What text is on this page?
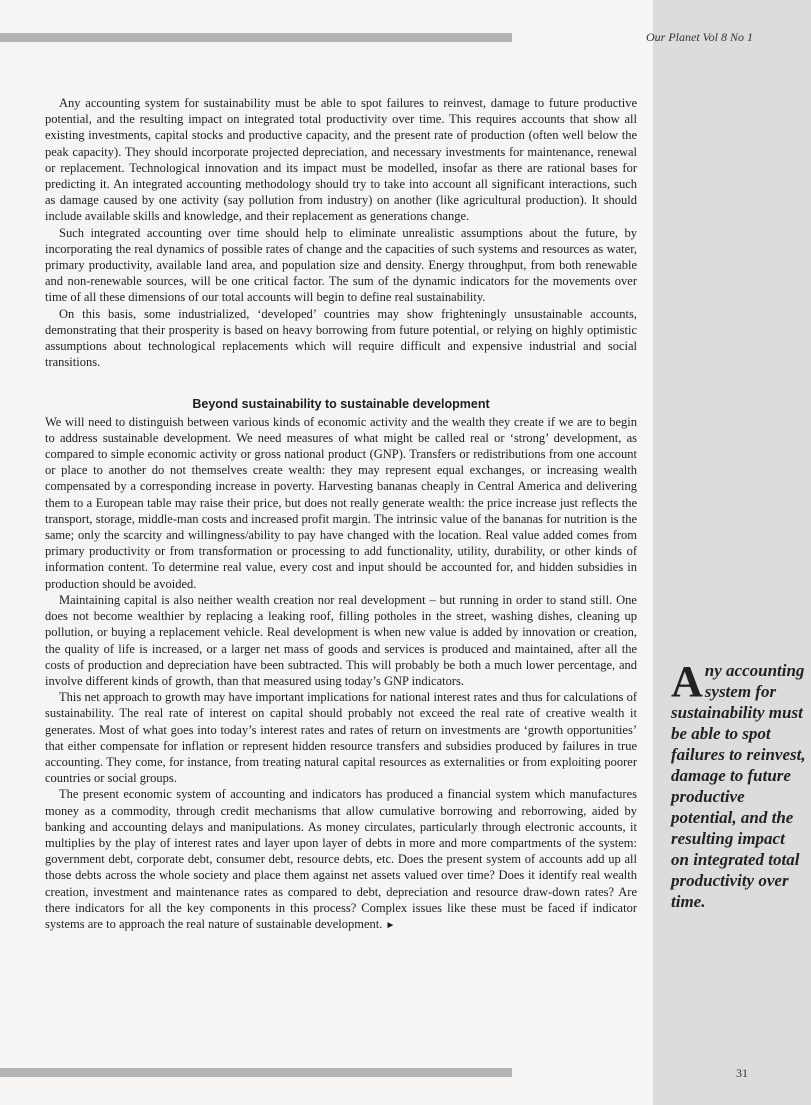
Our Planet Vol 8 No 1

Any accounting system for sustainability must be able to spot failures to reinvest, damage to future productive potential, and the resulting impact on integrated total productivity over time. This requires accounts that show all existing investments, capital stocks and productive capacity, and the present rate of production (often well below the peak capacity). They should incorporate projected depreciation, and necessary investments for maintenance, renewal or replacement. Technological innovation and its impact must be modelled, insofar as there are rational bases for predicting it. An integrated accounting methodology should try to take into account all significant interactions, such as damage caused by one activity (say pollution from industry) on another (like agricultural production). It should include available skills and knowledge, and their replacement as generations change.

Such integrated accounting over time should help to eliminate unrealistic assumptions about the future, by incorporating the real dynamics of possible rates of change and the capacities of such systems and resources as water, primary productivity, available land area, and population size and density. Energy throughput, from both renewable and non-renewable sources, will be one critical factor. The sum of the dynamic indicators for the movements over time of all these dimensions of our total accounts will begin to define real sustainability.

On this basis, some industrialized, ‘developed’ countries may show frighteningly unsustainable accounts, demonstrating that their prosperity is based on heavy borrowing from future potential, or relying on highly optimistic assumptions about technological replacements which will require difficult and expensive industrial and social transitions.

Beyond sustainability to sustainable development

We will need to distinguish between various kinds of economic activity and the wealth they create if we are to begin to address sustainable development. We need measures of what might be called real or ‘strong’ development, as compared to simple economic activity or gross national product (GNP). Transfers or redistributions from one account or place to another do not themselves create wealth: they may represent equal exchanges, or increasing wealth compensated by a corresponding increase in poverty. Harvesting bananas cheaply in Central America and delivering them to a European table may raise their price, but does not really generate wealth: the price increase just reflects the transport, storage, middle-man costs and increased profit margin. The intrinsic value of the bananas for nutrition is the same; only the scarcity and willingness/ability to pay have changed with the location. Real value added comes from primary productivity or from transformation or processing to add functionality, utility, durability, or other kinds of information content. To determine real value, every cost and input should be accounted for, and hidden subsidies in production should be avoided.

Maintaining capital is also neither wealth creation nor real development – but running in order to stand still. One does not become wealthier by replacing a leaking roof, filling potholes in the street, washing dishes, cleaning up pollution, or buying a replacement vehicle. Real development is when new value is added by innovation or creation, the quality of life is increased, or a larger net mass of goods and services is produced and maintained, after all the costs of production and depreciation have been subtracted. This will probably be both a much lower percentage, and involve different kinds of growth, than that measured using today’s GNP indicators.

This net approach to growth may have important implications for national interest rates and thus for calculations of sustainability. The real rate of interest on capital should probably not exceed the real rate of creative wealth it generates. Most of what goes into today’s interest rates and rates of return on investments are ‘growth opportunities’ that either compensate for inflation or represent hidden resource transfers and subsidies produced by failures in true accounting. They come, for instance, from treating natural capital resources as externalities or from exploiting poorer countries or social groups.

The present economic system of accounting and indicators has produced a financial system which manufactures money as a commodity, through credit mechanisms that allow cumulative borrowing and reborrowing, aided by banking and accounting delays and manipulations. As money circulates, particularly through electronic accounts, it multiplies by the play of interest rates and layer upon layer of debts in more and more compartments of the system: government debt, corporate debt, consumer debt, resource debts, etc. Does the present system of accounts add up all those debts across the whole society and place them against net assets valued over time? Does it identify real wealth creation, investment and maintenance rates as compared to debt, depreciation and resource draw-down rates? Are there indicators for all the key components in this process? Complex issues like these must be faced if indicator systems are to approach the real nature of sustainable development. ►

Any accounting system for sustainability must be able to spot failures to reinvest, damage to future productive potential, and the resulting impact on integrated total productivity over time.
31
